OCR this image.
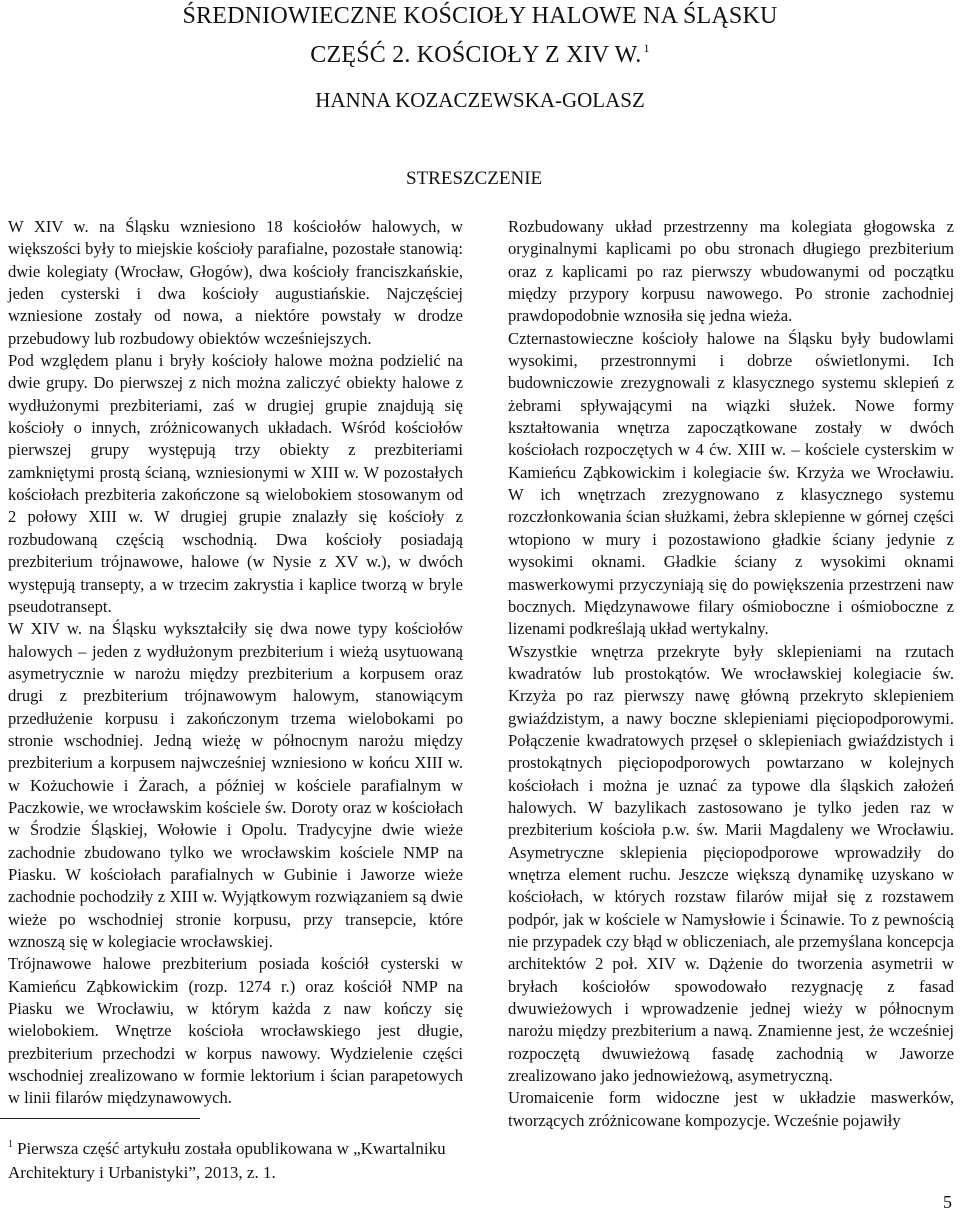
ŚREDNIOWIECZNE KOŚCIOŁY HALOWE NA ŚLĄSKU
CZĘŚĆ 2. KOŚCIOŁY Z XIV W. $^1$
HANNA KOZACZEWSKA-GOLASZ
STRESZCZENIE

W XIV w. na Śląsku wzniesiono 18 kościołów halowych, w większości były to miejskie kościoły parafialne, pozostałe stanowią: dwie kolegiaty (Wrocław, Głogów), dwa kościoły franciszkańskie, jeden cysterski i dwa kościoły augustiańskie. Najczęściej wzniesione zostały od nowa, a niektóre powstały w drodze przebudowy lub rozbudowy obiektów wcześniejszych.

Pod względem planu i bryły kościoły halowe można podzielić na dwie grupy. Do pierwszej z nich można zaliczyć obiekty halowe z wydłużonymi prezbiteriami, zaś w drugiej grupie znajdują się kościoły o innych, zróżnicowanych układach. Wśród kościołów pierwszej grupy występują trzy obiekty z prezbiteriami zamkniętymi prostą ścianą, wzniesionymi w XIII w. W pozostałych kościołach prezbiteria zakończone są wielobokiem stosowanym od 2 połowy XIII w. W drugiej grupie znalazły się kościoły z rozbudowaną częścią wschodnią. Dwa kościoły posiadają prezbiterium trójnawowe, halowe (w Nysie z XV w.), w dwóch występują transepty, a w trzecim zakrystia i kaplice tworzą w bryle pseudotransept.

W XIV w. na Śląsku wykształciły się dwa nowe typy kościołów halowych – jeden z wydłużonym prezbiterium i wieżą usytuowaną asymetrycznie w narożu między prezbiterium a korpusem oraz drugi z prezbiterium trójnawowym halowym, stanowiącym przedłużenie korpusu i zakończonym trzema wielobokami po stronie wschodniej. Jedną wieżę w północnym narożu między prezbiterium a korpusem najwcześniej wzniesiono w końcu XIII w. w Kożuchowie i Żarach, a później w kościele parafialnym w Paczkowie, we wrocławskim kościele św. Doroty oraz w kościołach w Środzie Śląskiej, Wołowie i Opolu. Tradycyjne dwie wieże zachodnie zbudowano tylko we wrocławskim kościele NMP na Piasku. W kościołach parafialnych w Gubinie i Jaworze wieże zachodnie pochodziły z XIII w. Wyjątkowym rozwiązaniem są dwie wieże po wschodniej stronie korpusu, przy transepcie, które wznoszą się w kolegiacie wrocławskiej.

Trójnawowe halowe prezbiterium posiada kościół cysterski w Kamieńcu Ząbkowickim (rozp. 1274 r.) oraz kościół NMP na Piasku we Wrocławiu, w którym każda z naw kończy się wielobokiem. Wnętrze kościoła wrocławskiego jest długie, prezbiterium przechodzi w korpus nawowy. Wydzielenie części wschodniej zrealizowano w formie lektorium i ścian parapetowych w linii filarów międzynawowych.

Rozbudowany układ przestrzenny ma kolegiata głogowska z oryginalnymi kaplicami po obu stronach długiego prezbiterium oraz z kaplicami po raz pierwszy wbudowanymi od początku między przypory korpusu nawowego. Po stronie zachodniej prawdopodobnie wznosiła się jedna wieża.

Czternastowieczne kościoły halowe na Śląsku były budowlami wysokimi, przestronnymi i dobrze oświetlonymi. Ich budowniczowie zrezygnowali z klasycznego systemu sklepień z żebrami spływającymi na wiązki służek. Nowe formy kształtowania wnętrza zapoczątkowane zostały w dwóch kościołach rozpoczętych w 4 ćw. XIII w. – kościele cysterskim w Kamieńcu Ząbkowickim i kolegiacie św. Krzyża we Wrocławiu. W ich wnętrzach zrezygnowano z klasycznego systemu rozczłonkowania ścian służkami, żebra sklepienne w górnej części wtopiono w mury i pozostawiono gładkie ściany jedynie z wysokimi oknami. Gładkie ściany z wysokimi oknami maswerkowymi przyczyniają się do powiększenia przestrzeni naw bocznych. Międzynawowe filary ośmioboczne i ośmioboczne z lizenami podkreślają układ wertykalny.

Wszystkie wnętrza przekryte były sklepieniami na rzutach kwadratów lub prostokątów. We wrocławskiej kolegiacie św. Krzyża po raz pierwszy nawę główną przekryto sklepieniem gwiaździstym, a nawy boczne sklepieniami pięciopodporowymi. Połączenie kwadratowych przęseł o sklepieniach gwiaździstych i prostokątnych pięciopodporowych powtarzano w kolejnych kościołach i można je uznać za typowe dla śląskich założeń halowych. W bazylikach zastosowano je tylko jeden raz w prezbiterium kościoła p.w. św. Marii Magdaleny we Wrocławiu. Asymetryczne sklepienia pięciopodporowe wprowadziły do wnętrza element ruchu. Jeszcze większą dynamikę uzyskano w kościołach, w których rozstaw filarów mijał się z rozstawem podpór, jak w kościele w Namysłowie i Ścinawie. To z pewnością nie przypadek czy błąd w obliczeniach, ale przemyślana koncepcja architektów 2 poł. XIV w. Dążenie do tworzenia asymetrii w bryłach kościołów spowodowało rezygnację z fasad dwuwieżowych i wprowadzenie jednej wieży w północnym narożu między prezbiterium a nawą. Znamienne jest, że wcześniej rozpoczętą dwuwieżową fasadę zachodnią w Jaworze zrealizowano jako jednowieżową, asymetryczną.

Uromaicenie form widoczne jest w układzie maswerków, tworzących zróżnicowane kompozycje. Wcześnie pojawiły

$^1$ Pierwsza część artykułu została opublikowana w „Kwartalniku Architektury i Urbanistyki”, 2013, z. 1.
5
